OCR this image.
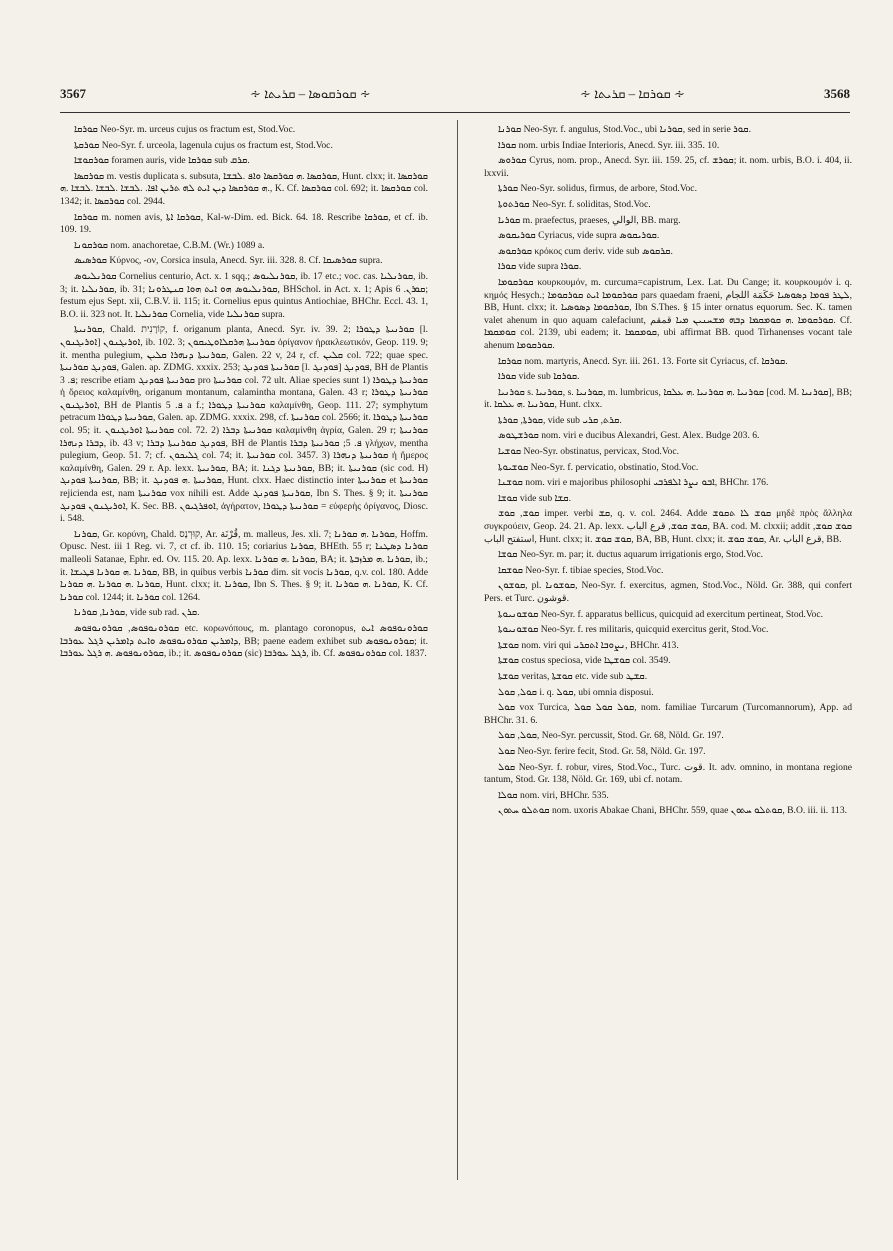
3567	∻ ܩܘܪܩܘܣܐ – ܩܪܝܬܐ ∻	∻ ܩܘܪܩܐ – ܩܪܝܬܐ ∻	3568

ܩܘܪܩܐ Neo-Syr. m. urceus cujus os fractum est, Stod.Voc.

ܩܘܪܩܬܐ Neo-Syr. f. urceola, lagenula cujus os fractum est, Stod.Voc.

ܩܘܪܩܘܫܐ foramen auris, vide ܩܘܪܩܐ sub ܩܪܩ.

ܩܘܪܩܣܐ m. vestis duplicata s. subsuta, ܩܘܪܩܣܐ .ܗ ܩܘܪܩܣܐ ܘܐܦ .ܠܒܫܐ, Hunt. clxx; it. ܩܘܪܩܣܐ .ܗ ܩܘܪܩܣܐ ܕܝܢ ܐܝܬ ܠܗ ܬܪܝܢ ܐܦܐ. .ܠܒܫܐ .ܠܒܫܐ .ܠܒܫܐ .ܗ, K. Cf. ܩܘܪܩܣܐ col. 692; it. ܩܘܪܩܣܐ col. 1342; it. ܩܘܪܩܣܐ col. 2944.

ܩܘܪܩܐ m. nomen avis, ܩܘܪܩܐ ܐܬܐ, Kal-w-Dim. ed. Bick. 64. 18. Rescribe ܩܘܪܩܐ, et cf. ib. 109. 19.

ܩܘܪܩܘܢܐ nom. anachoretae, C.B.M. (Wr.) 1089 a.

ܩܘܪܣܝܣ Κύρνος, -ον, Corsica insula, Anecd. Syr. iii. 328. 8. Cf. ܩܘܪܣܝܩܐ supra.

ܩܘܪܢܠܝܘܣ Cornelius centurio, Act. x. 1 sqq.; ܩܘܪܢܠܝܘܣ, ib. 17 etc.; voc. cas. ܩܘܪܢܠܝܐ, ib. 3; it. ܩܘܪܢܠܝܐ, ib. 31; ܩܘܪܢܠܝܘܣ ܗܘ ܐܝܬ ܗܘܐ ܩܢܛܪܘܢܐ, BHSchol. in Act. x. 1; Apis ܩܘܪܢ. 6; festum ejus Sept. xii, C.B.V. ii. 115; it. Cornelius epus quintus Antiochiae, BHChr. Eccl. 43. 1, B.O. ii. 323 not. It. ܩܘܪܢܠܝܐ Cornelia, vide ܩܘܪܢܠܝܐ supra.

ܩܘܪܢܝܬܐ, Chald. קוֹרָנִית, f. origanum planta, Anecd. Syr. iv. 39. 2; ܩܘܪܢܝܬܐ ܕܛܘܪܐ [l. ܐܘܪܝܓܢܘܢ] ܐܘܪܝܓܢܘܢ, ib. 102. 3; ܩܘܪܢܝܬܐ ܗܪܩܠܐܘܛܝܩܘܢ ὀρίγανον ἡρακλεωτικόν, Geop. 119. 9; it. mentha pulegium, ܩܘܪܢܝܬܐ ܕܢܗܪܐ ܩܠܝܢ, Galen. 22 v, 24 r, cf. ܩܠܝܢ col. 722; quae spec. ܦܘܕܢܓ ܩܘܪܢܝܬܐ, Galen. ap. ZDMG. xxxix. 253; ܩܘܪܢܝܬܐ ܦܘܕܢܓ [l. ܦܘܕܢܓ] ܦܘܕܢܓ, BH de Plantis ܦ. 3; rescribe etiam ܩܘܪܢܝܬܐ ܦܘܕܢܓ pro ܩܘܪܢܝܬܐ col. 72 ult. Aliae species sunt 1) ܩܘܪܢܝܬܐ ܕܛܘܪܐ ἡ ὄρειος καλαμίνθη, origanum montanum, calamintha montana, Galen. 43 r; ܩܘܪܢܝܬܐ ܕܛܘܪܐ ܐܘܪܝܓܢܘܢ, BH de Plantis ܦ. 5 a f.; ܩܘܪܢܝܬܐ ܕܛܘܪܐ καλαμίνθη, Geop. 111. 27; symphytum petracum ܩܘܪܢܝܬܐ ܕܛܘܪܐ, Galen. ap. ZDMG. xxxix. 298, cf. ܩܘܪܢܝܬܐ col. 2566; it. ܩܘܪܢܝܬܐ ܕܛܘܪܐ col. 95; it. ܩܘܪܢܝܬܐ ܐܘܪܝܓܢܘܢ col. 72. 2) ܩܘܪܢܝܬܐ ܕܒܪܐ καλαμίνθη ἀγρία, Galen. 29 r; ܩܘܪܢܝܬܐ ܕܒܪܐ ܕܢܗܪܐ, ib. 43 v; ܦܘܕܢܓ ܩܘܪܢܝܬܐ ܕܒܪܐ, BH de Plantis ܦ. 5; ܩܘܪܢܝܬܐ ܕܒܪܐ γλήχων, mentha pulegium, Geop. 51. 7; cf. ܓܠܝܟܘܢ col. 74; it. ܩܘܪܢܝܬܐ col. 3457. 3) ܩܘܪܢܝܬܐ ܕܢܗܪܐ ἡ ἥμερος καλαμίνθη, Galen. 29 r. Ap. lexx. ܩܘܪܢܝܬܐ, BA; it. ܩܘܪܢܝܬܐ ܕܓܢܐ, BB; it. ܩܘܪܢܝܬܐ (sic cod. H) ܩܘܪܢܝܬܐ ܦܘܕܢܓ, BB; it. ܩܘܪܢܝܬܐ .ܗ ܦܘܕܢܓ, Hunt. clxx. Haec distinctio inter ܩܘܪܢܝܬܐ et ܩܘܪܢܝܬܐ rejicienda est, nam ܩܘܪܢܝܬܐ vox nihili est. Adde ܩܘܪܢܝܬܐ ܦܘܕܢܓ, Ibn S. Thes. § 9; it. ܩܘܪܢܝܬܐ ܐܘܪܝܓܢܘܢ ܦܘܕܢܓ, K. Sec. BB. ܐܘܦܪܓܝܘܢ, ἀγήρατον, ܩܘܪܢܝܬܐ ܕܛܘܪܐ = εὐφερὴς ὀρίγανος, Diosc. i. 548.

ܩܘܪܢܐ, Gr. κορύνη, Chald. קוּרְנָס, Ar. قُرْنَة, m. malleus, Jes. xli. 7; ܩܘܪܢܐ .ܗ ܩܘܪܢܐ, Hoffm. Opusc. Nest. iii 1 Reg. vi. 7, ct cf. ib. 110. 15; coriarius ܩܘܪܢܐ, BHEth. 55 r; ܩܘܪܢܐ ܕܣܛܢܐ malleoli Satanae, Ephr. ed. Ov. 115. 20. Ap. lexx. ܩܘܪܢܐ .ܗ ܩܘܪܢܐ, BA; it. ܩܘܪܢܐ .ܗ ܡܪܙܒܬܐ, ib.; it. ܩܘܪܢܐ .ܗ ܩܘܪܢܐ ܦܛܝܫܐ, BB, in quibus verbis ܩܘܪܢܐ dim. sit vocis ܩܘܪܢܐ, q.v. col. 180. Adde ܩܘܪܢܐ .ܗ ܩܘܪܢܐ .ܗ ܩܘܪܢܐ, Hunt. clxx; it. ܩܘܪܢܐ, Ibn S. Thes. § 9; it. ܩܘܪܢܐ .ܗ ܩܘܪܢܐ, K. Cf. ܩܘܪܢܐ col. 1244; it. ܩܘܪܢܐ col. 1264.

ܩܘܪܢܐ, ܩܘܪܢܐ, vide sub rad. ܩܪܢ.

ܩܘܪܘܢܘܦܘܣ, ܩܘܪܘܢܘܦܘܣ etc. κορωνόπους, m. plantago coronopus, ܩܘܪܘܢܘܦܘܣ ܐܝܬ ܕܐܡܪܝܢ ܩܘܪܘܢܘܦܘܣ ܘܐܝܬ ܕܐܡܪܝܢ ܪܓܠ ܥܘܪܒܐ, BB; paene eadem exhibet sub ܩܘܪܘܢܘܦܘܣ; it. ܩܘܪܘܢܘܦܘܣ .ܗ ܪܓܠ ܥܘܪܒܐ, ib.; it. ܩܘܪܘܢܘܦܘܣ (sic) ܪܓܠ ܥܘܪܒܐ, ib. Cf. ܩܘܪܘܢܘܦܘܣ col. 1837.

ܩܘܪܢܐ Neo-Syr. f. angulus, Stod.Voc., ubi ܩܘܪܢܐ, sed in serie ܩܘܪ.

ܩܘܪܐ nom. urbis Indiae Interioris, Anecd. Syr. iii. 335. 10.

ܩܘܪܘܣ Cyrus, nom. prop., Anecd. Syr. iii. 159. 25, cf. ܩܘܪܫ; it. nom. urbis, B.O. i. 404, ii. lxxvii.

ܩܘܪܬܐ Neo-Syr. solidus, firmus, de arbore, Stod.Voc.

ܩܘܪܬܘܬܐ Neo-Syr. f. soliditas, Stod.Voc.

ܩܘܪܝܐ m. praefectus, praeses, الوالي, BB. marg.

ܩܘܪܝܩܘܣ Cyriacus, vide supra ܩܘܪܝܩܘܣ.

ܩܘܪܩܘܣ κρόκος cum deriv. vide sub ܩܪܩܘܣ.

ܩܘܪܐ vide supra ܩܘܪܐ.

ܩܘܪܩܘܡܐ κουρκουμόν, m. curcuma=capistrum, Lex. Lat. Du Cange; it. κουρκουμόν i. q. κημός Hesych.; ܩܘܪܩܘܡܐ ܐܝܬ ܩܘܪܩܘܡܐ pars quaedam fraeni, ܠܛܪ ܦܘܡܐ ܕܣܘܣܝܐ حَكَمَة اللجام, BB, Hunt. clxx; it. ܩܘܪܩܘܡܐ ܕܣܘܣܝܐ, Ibn S.Thes. § 15 inter ornatus equorum. Sec. K. tamen valet ahenum in quo aquam calefaciunt, ܩܘܪܩܘܡܐ .ܗ ܩܘܡܩܡܐ ܕܒܗ ܡܫܚܢܝܢ ܡܝܐ قمقم. Cf. ܩܘܡܩܡܐ col. 2139, ubi eadem; it. ܩܘܡܩܡܐ, ubi affirmat BB. quod Tirhanenses vocant tale ahenum ܩܘܪܩܘܡܐ.

ܩܘܪܩܐ nom. martyris, Anecd. Syr. iii. 261. 13. Forte sit Cyriacus, cf. ܩܘܪܩܐ.

ܩܘܪܐ vide sub ܩܘܪܩܐ.

ܩܘܪܢܝܐ s. ܩܘܪܢܝܐ, s. ܩܘܪܢܝܐ, m. lumbricus, ܩܘܪܢܝܐ .ܗ ܩܘܪܢܝܐ .ܗ ܥܠܩܐ [cod. M. ܩܘܪܢܝܐ], BB; it. ܩܘܪܢܝܐ .ܗ ܥܠܩܐ, Hunt. clxx.

ܩܘܪܬܐ, ܩܘܪܬܐ, vide sub ܩܪܬ, ܩܪܝ.

ܩܘܪܫܛܘܣ nom. viri e ducibus Alexandri, Gest. Alex. Budge 203. 6.

ܩܘܫܝܐ Neo-Syr. obstinatus, pervicax, Stod.Voc.

ܩܘܫܝܘܬܐ Neo-Syr. f. pervicatio, obstinatio, Stod.Voc.

ܩܘܫܢܐ nom. viri e majoribus philosophi ܐܒܘ ܢܨܪ ܐܠܦܪܒܝ, BHChr. 176.

ܩܘܫܐ vide sub ܩܫܐ.

ܩܘܫ, ܩܘܫ imper. verbi ܩܫ, q. v. col. 2464. Adde ܩܘܫ ܠܐ ܬܩܘܫ μηδὲ πρὸς ἄλληλα συγκρούειν, Geop. 24. 21. Ap. lexx. ܩܘܫ ܩܘܫ, قرع الباب, BA. cod. M. clxxii; addit ܩܘܫ ܩܘܫ, استفتح الباب, Hunt. clxx; it. ܩܘܫ ܩܘܫ, BA, BB, Hunt. clxx; it. ܩܘܫ ܩܘܫ, Ar. قرع الباب, BB.

ܩܘܫܐ Neo-Syr. m. par; it. ductus aquarum irrigationis ergo, Stod.Voc.

ܩܘܫܩܐ Neo-Syr. f. tibiae species, Stod.Voc.

ܩܘܫܘܢ, pl. ܩܘܫܘܢܐ, Neo-Syr. f. exercitus, agmen, Stod.Voc., Nöld. Gr. 388, qui confert Pers. et Turc. قوشون.

ܩܘܫܘܢܝܘܬܐ Neo-Syr. f. apparatus bellicus, quicquid ad exercitum pertineat, Stod.Voc.

ܩܘܫܘܢܝܘܬܐ Neo-Syr. f. res militaris, quicquid exercitus gerit, Stod.Voc.

ܩܘܫܬܐ nom. viri qui ܢܨܘܒܐ ܐܬܩܪܝ, BHChr. 413.

ܩܘܫܬܐ costus speciosa, vide ܩܘܫܛܐ col. 3549.

ܩܘܫܬܐ veritas, ܩܘܫܬܐ etc. vide sub ܩܫܛ.

ܩܘܠ, ܩܘܠ i. q. ܩܘܠ, ubi omnia disposui.

ܩܘܠ vox Turcica, ܩܘܠ ܩܘܠ ܩܘܠ, nom. familiae Turcarum (Turcomannorum), App. ad BHChr. 31. 6.

ܩܘܠ, ܩܘܠ, Neo-Syr. percussit, Stod. Gr. 68, Nöld. Gr. 197.

ܩܘܠ Neo-Syr. ferire fecit, Stod. Gr. 58, Nöld. Gr. 197.

ܩܘܠ Neo-Syr. f. robur, vires, Stod.Voc., Turc. قوت. It. adv. omnino, in montana regione tantum, Stod. Gr. 138, Nöld. Gr. 169, ubi cf. notam.

ܩܘܠܐ nom. viri, BHChr. 535.

ܩܘܬܠܘ ܚܬܘܢ nom. uxoris Abakae Chani, BHChr. 559, quae ܩܘܬܠܘ ܚܬܘܢ, B.O. iii. ii. 113.
